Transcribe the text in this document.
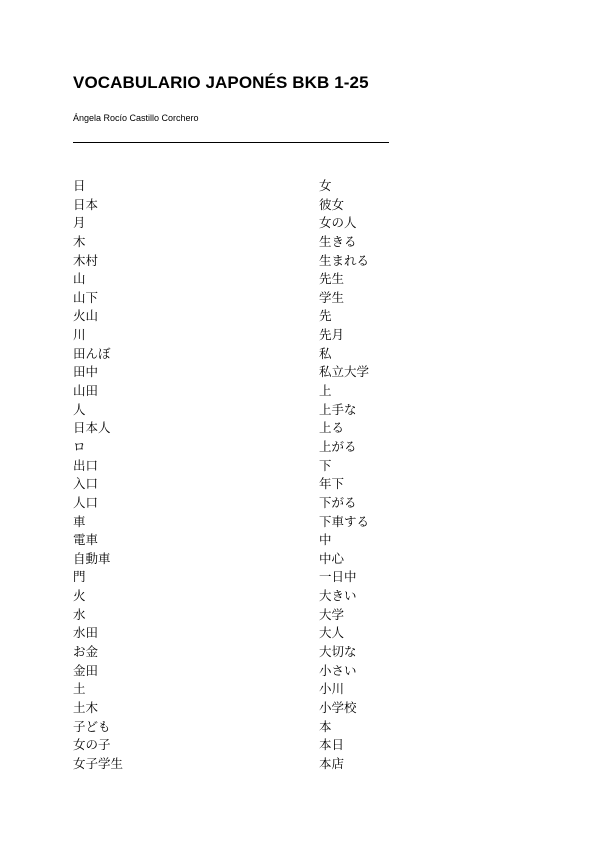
VOCABULARIO JAPONÉS BKB 1-25
Ángela Rocío Castillo Corchero
日
日本
月
木
木村
山
山下
火山
川
田んぼ
田中
山田
人
日本人
ロ
出口
入口
人口
車
電車
自動車
門
火
水
水田
お金
金田
土
土木
子ども
女の子
女子学生
女
彼女
女の人
生きる
生まれる
先生
学生
先
先月
私
私立大学
上
上手な
上る
上がる
下
年下
下がる
下車する
中
中心
一日中
大きい
大学
大人
大切な
小さい
小川
小学校
本
本日
本店
